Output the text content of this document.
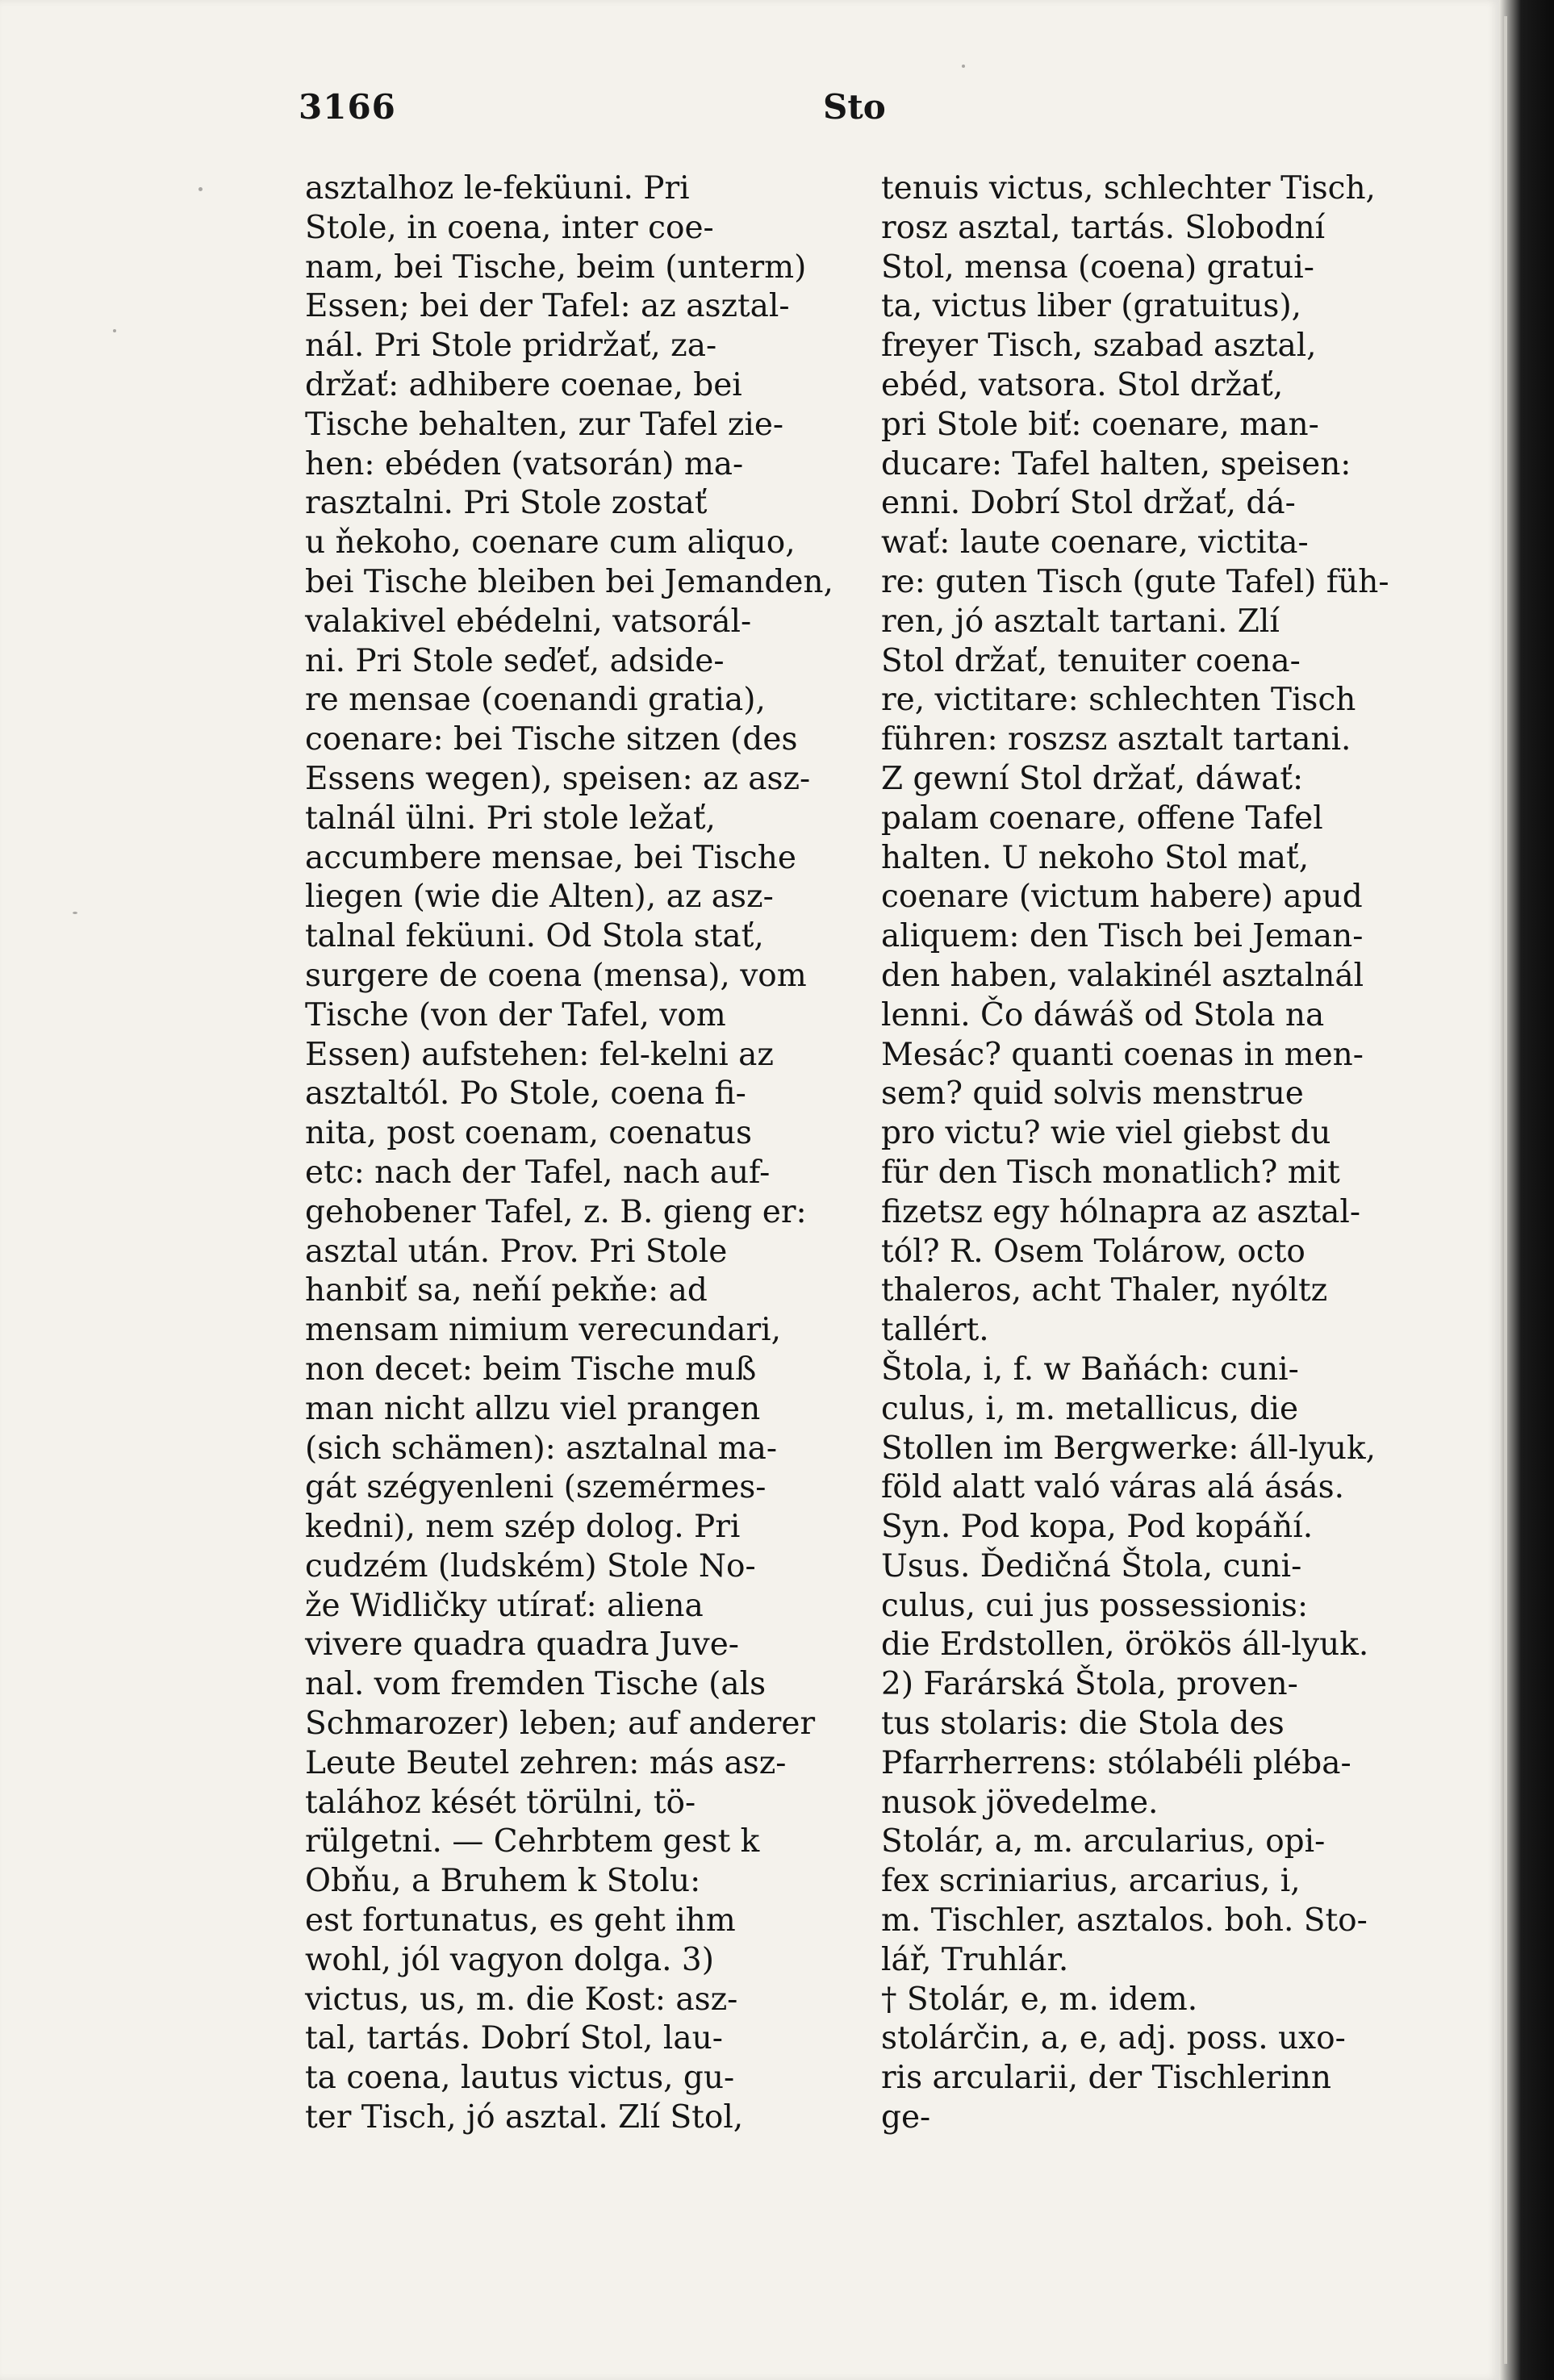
3166	Sto
asztalhoz le-feküuni. Pri
Stole, in coena, inter coe-
nam, bei Tische, beim (unterm)
Essen; bei der Tafel: az asztal-
nál. Pri Stole pridržať, za-
držať: adhibere coenae, bei
Tische behalten, zur Tafel zie-
hen: ebéden (vatsorán) ma-
rasztalni. Pri Stole zostať
u ňekoho, coenare cum aliquo,
bei Tische bleiben bei Jemanden,
valakivel ebédelni, vatsorál-
ni. Pri Stole seďeť, adside-
re mensae (coenandi gratia),
coenare: bei Tische sitzen (des
Essens wegen), speisen: az asz-
talnál ülni. Pri stole ležať,
accumbere mensae, bei Tische
liegen (wie die Alten), az asz-
talnal feküuni. Od Stola stať,
surgere de coena (mensa), vom
Tische (von der Tafel, vom
Essen) aufstehen: fel-kelni az
asztaltól. Po Stole, coena fi-
nita, post coenam, coenatus
etc: nach der Tafel, nach auf-
gehobener Tafel, z. B. gieng er:
asztal után. Prov. Pri Stole
hanbiť sa, neňí pekňe: ad
mensam nimium verecundari,
non decet: beim Tische muß
man nicht allzu viel prangen
(sich schämen): asztalnal ma-
gát szégyenleni (szemérmes-
kedni), nem szép dolog. Pri
cudzém (ludském) Stole No-
že Widličky utírať: aliena
vivere quadra quadra Juve-
nal. vom fremden Tische (als
Schmarozer) leben; auf anderer
Leute Beutel zehren: más asz-
talához kését törülni, tö-
rülgetni. — Cehrbtem gest k
Obňu, a Bruhem k Stolu:
est fortunatus, es geht ihm
wohl, jól vagyon dolga. 3)
victus, us, m. die Kost: asz-
tal, tartás. Dobrí Stol, lau-
ta coena, lautus victus, gu-
ter Tisch, jó asztal. Zlí Stol,
tenuis victus, schlechter Tisch,
rosz asztal, tartás. Slobodní
Stol, mensa (coena) gratui-
ta, victus liber (gratuitus),
freyer Tisch, szabad asztal,
ebéd, vatsora. Stol držať,
pri Stole biť: coenare, man-
ducare: Tafel halten, speisen:
enni. Dobrí Stol držať, dá-
wať: laute coenare, victita-
re: guten Tisch (gute Tafel) füh-
ren, jó asztalt tartani. Zlí
Stol držať, tenuiter coena-
re, victitare: schlechten Tisch
führen: roszsz asztalt tartani.
Z gewní Stol držať, dáwať:
palam coenare, offene Tafel
halten. U nekoho Stol mať,
coenare (victum habere) apud
aliquem: den Tisch bei Jeman-
den haben, valakinél asztalnál
lenni. Čo dáwáš od Stola na
Mesác? quanti coenas in men-
sem? quid solvis menstrue
pro victu? wie viel giebst du
für den Tisch monatlich? mit
fizetsz egy hólnapra az asztal-
tól? R. Osem Tolárow, octo
thaleros, acht Thaler, nyóltz
tallért.
Štola, i, f. w Baňách: cuni-
culus, i, m. metallicus, die
Stollen im Bergwerke: áll-lyuk,
föld alatt való váras alá ásás.
Syn. Pod kopa, Pod kopáňí.
Usus. Ďedičná Štola, cuni-
culus, cui jus possessionis:
die Erdstollen, örökös áll-lyuk.
2) Farárská Štola, proven-
tus stolaris: die Stola des
Pfarrherrens: stólabéli pléba-
nusok jövedelme.
Stolár, a, m. arcularius, opi-
fex scriniarius, arcarius, i,
m. Tischler, asztalos. boh. Sto-
lář, Truhlár.
† Stolár, e, m. idem.
stolárčin, a, e, adj. poss. uxo-
ris arcularii, der Tischlerinn
ge-
